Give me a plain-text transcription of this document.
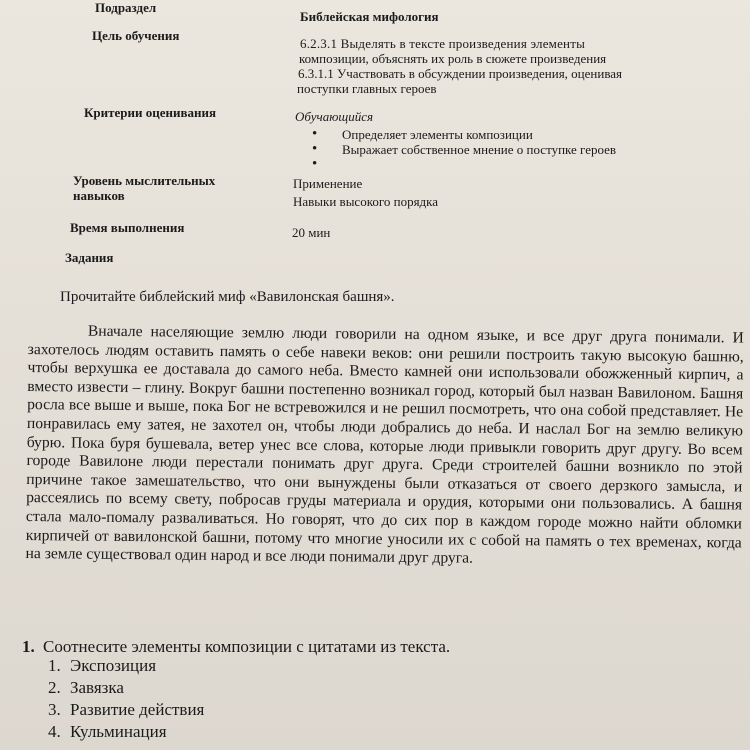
Подраздел
Библейская мифология
Цель обучения
6.2.3.1 Выделять в тексте произведения элементы
композиции, объяснять их роль в сюжете произведения
6.3.1.1 Участвовать в обсуждении произведения, оценивая
поступки главных героев
Критерии оценивания	Обучающийся
• Определяет элементы композиции
• Выражает собственное мнение о поступке героев
•
Уровень мыслительных
навыков
Применение
Навыки высокого порядка
Время выполнения	20 мин
Задания
Прочитайте библейский миф «Вавилонская башня».
Вначале населяющие землю люди говорили на одном языке, и все друг друга понимали. И захотелось людям оставить память о себе навеки веков: они решили построить такую высокую башню, чтобы верхушка ее доставала до самого неба. Вместо камней они использовали обожженный кирпич, а вместо извести – глину. Вокруг башни постепенно возникал город, который был назван Вавилоном. Башня росла все выше и выше, пока Бог не встревожился и не решил посмотреть, что она собой представляет. Не понравилась ему затея, не захотел он, чтобы люди добрались до неба. И наслал Бог на землю великую бурю. Пока буря бушевала, ветер унес все слова, которые люди привыкли говорить друг другу. Во всем городе Вавилоне люди перестали понимать друг друга. Среди строителей башни возникло по этой причине такое замешательство, что они вынуждены были отказаться от своего дерзкого замысла, и рассеялись по всему свету, побросав груды материала и орудия, которыми они пользовались. А башня стала мало-помалу разваливаться. Но говорят, что до сих пор в каждом городе можно найти обломки кирпичей от вавилонской башни, потому что многие уносили их с собой на память о тех временах, когда на земле существовал один народ и все люди понимали друг друга.
1. Соотнесите элементы композиции с цитатами из текста.
1. Экспозиция
2. Завязка
3. Развитие действия
4. Кульминация
